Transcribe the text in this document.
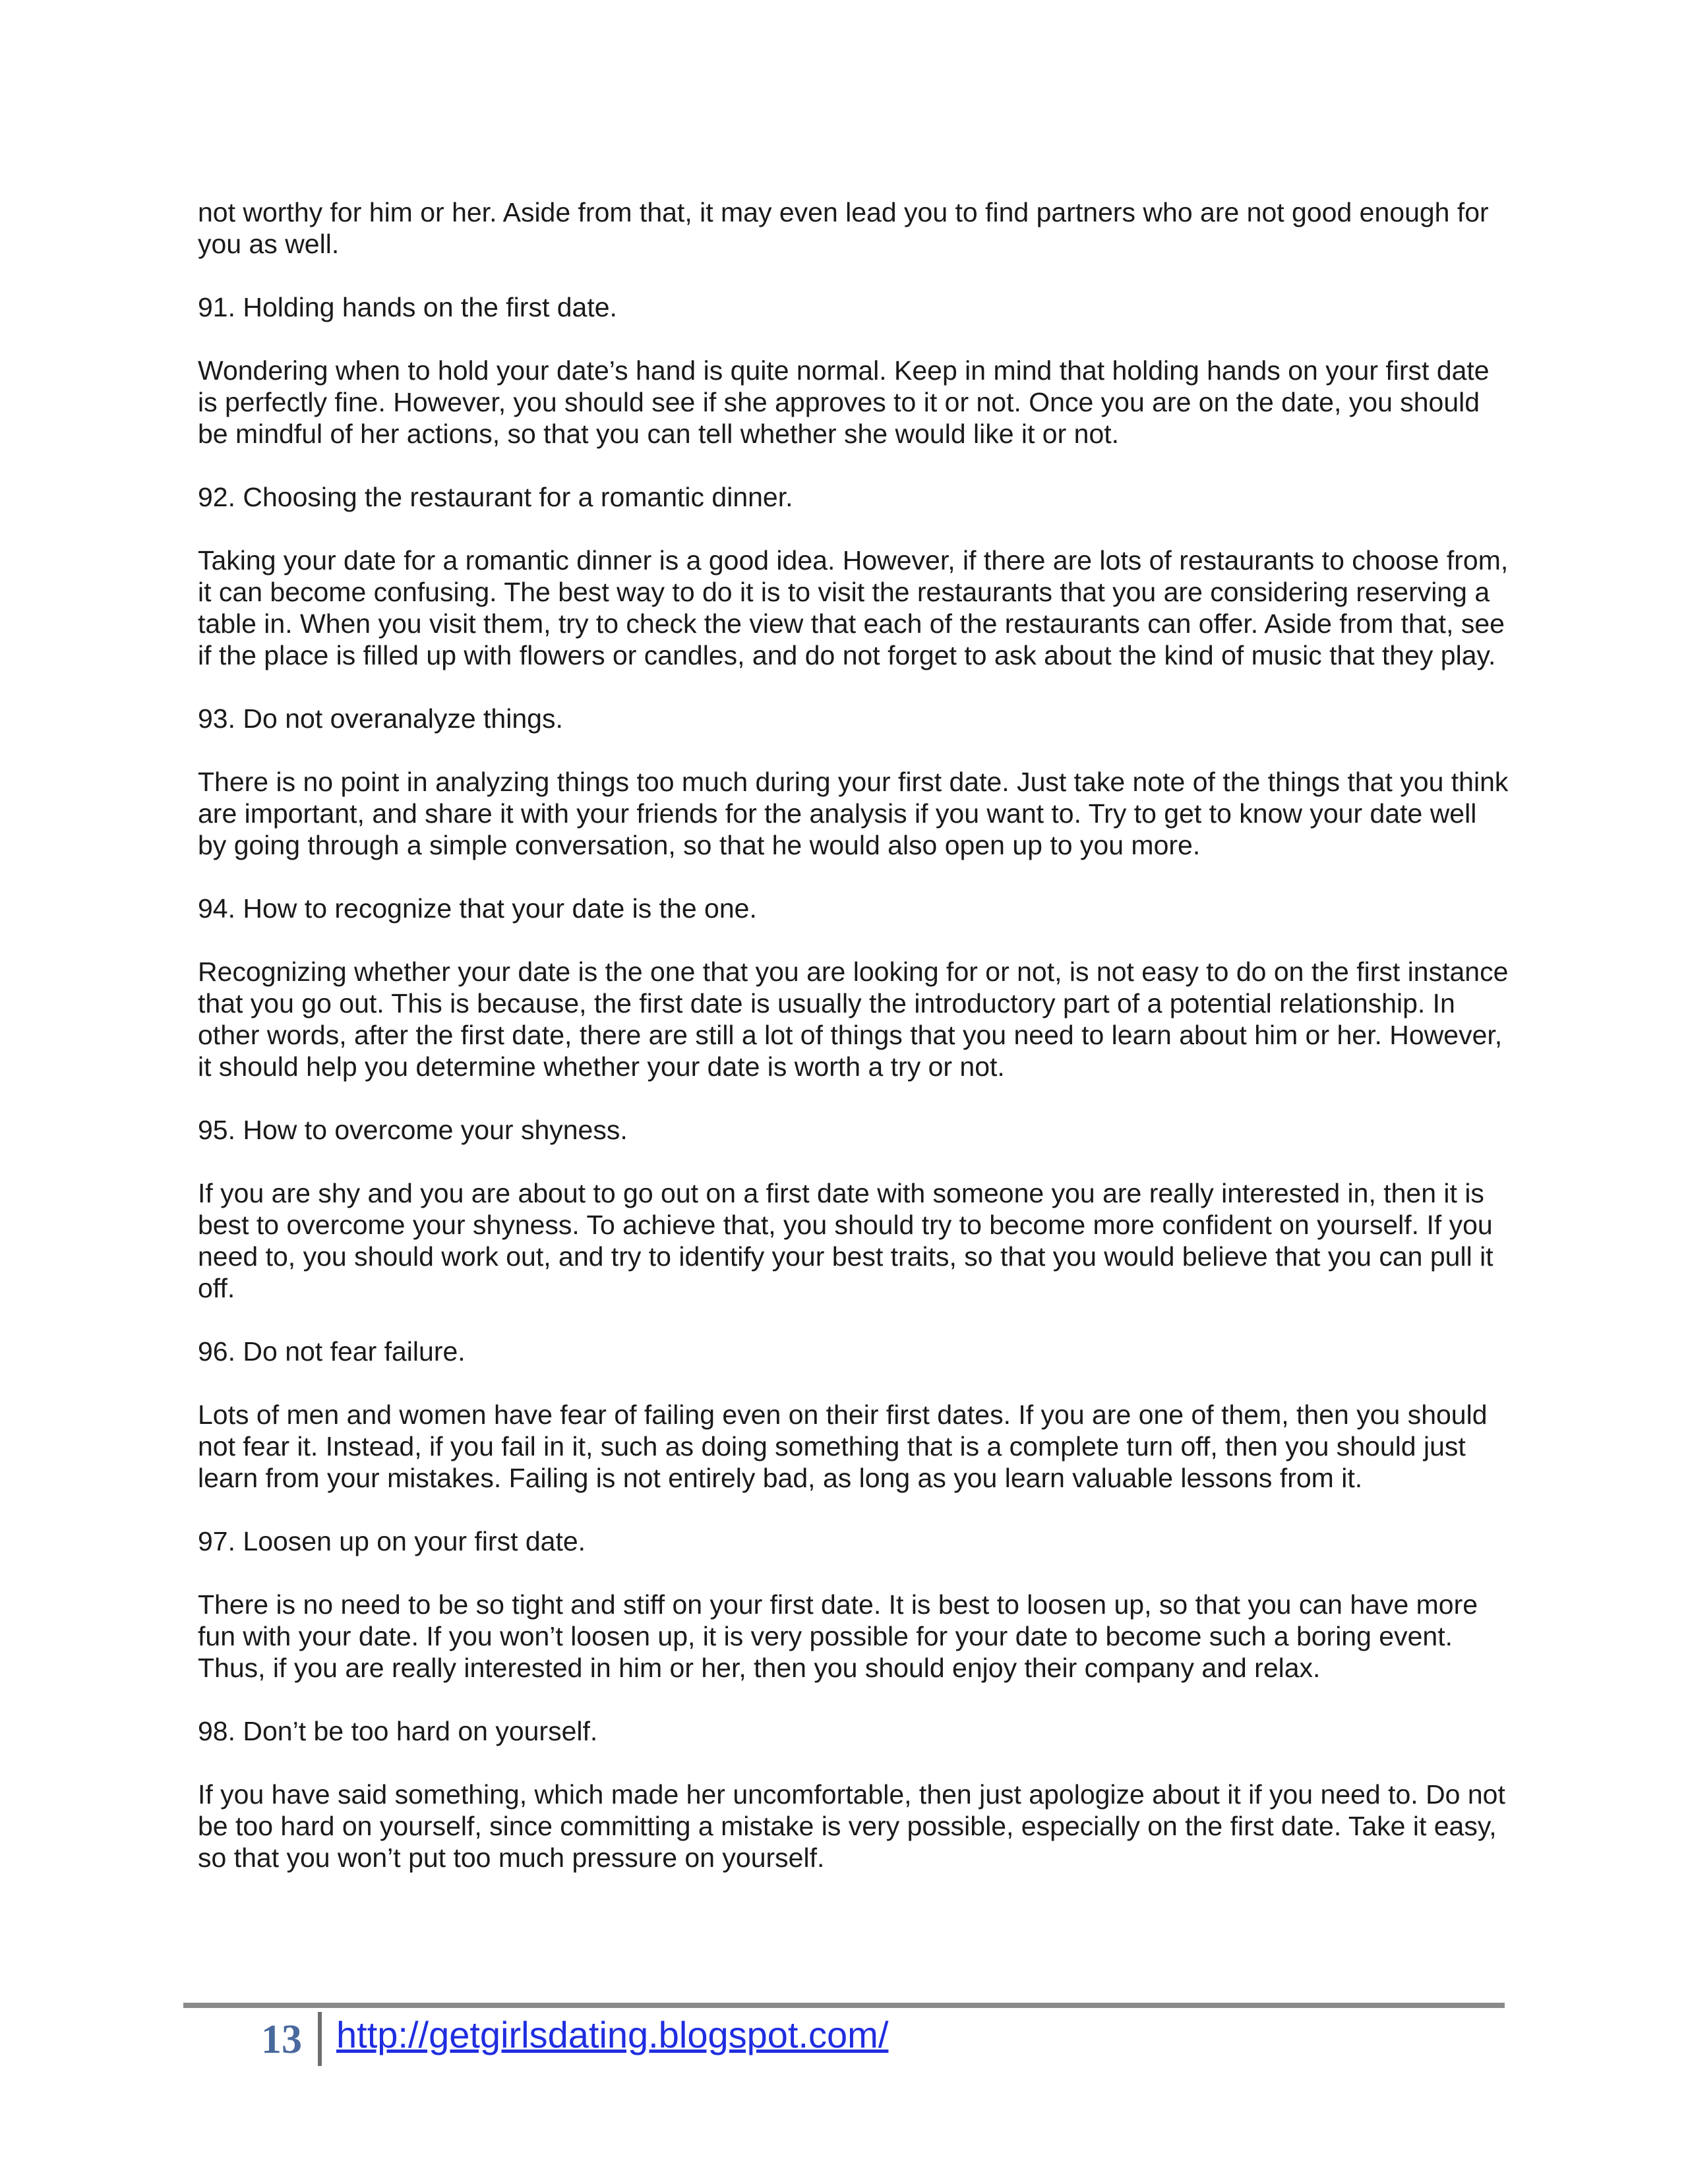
not worthy for him or her. Aside from that, it may even lead you to find partners who are not good enough for you as well.

91. Holding hands on the first date.

Wondering when to hold your date’s hand is quite normal. Keep in mind that holding hands on your first date is perfectly fine. However, you should see if she approves to it or not. Once you are on the date, you should be mindful of her actions, so that you can tell whether she would like it or not.

92. Choosing the restaurant for a romantic dinner.

Taking your date for a romantic dinner is a good idea. However, if there are lots of restaurants to choose from, it can become confusing. The best way to do it is to visit the restaurants that you are considering reserving a table in. When you visit them, try to check the view that each of the restaurants can offer. Aside from that, see if the place is filled up with flowers or candles, and do not forget to ask about the kind of music that they play.

93. Do not overanalyze things.

There is no point in analyzing things too much during your first date. Just take note of the things that you think are important, and share it with your friends for the analysis if you want to. Try to get to know your date well by going through a simple conversation, so that he would also open up to you more.

94. How to recognize that your date is the one.

Recognizing whether your date is the one that you are looking for or not, is not easy to do on the first instance that you go out. This is because, the first date is usually the introductory part of a potential relationship. In other words, after the first date, there are still a lot of things that you need to learn about him or her. However, it should help you determine whether your date is worth a try or not.

95. How to overcome your shyness.

If you are shy and you are about to go out on a first date with someone you are really interested in, then it is best to overcome your shyness. To achieve that, you should try to become more confident on yourself. If you need to, you should work out, and try to identify your best traits, so that you would believe that you can pull it off.

96. Do not fear failure.

Lots of men and women have fear of failing even on their first dates. If you are one of them, then you should not fear it. Instead, if you fail in it, such as doing something that is a complete turn off, then you should just learn from your mistakes. Failing is not entirely bad, as long as you learn valuable lessons from it.

97. Loosen up on your first date.

There is no need to be so tight and stiff on your first date. It is best to loosen up, so that you can have more fun with your date. If you won’t loosen up, it is very possible for your date to become such a boring event. Thus, if you are really interested in him or her, then you should enjoy their company and relax.

98. Don’t be too hard on yourself.

If you have said something, which made her uncomfortable, then just apologize about it if you need to. Do not be too hard on yourself, since committing a mistake is very possible, especially on the first date. Take it easy, so that you won’t put too much pressure on yourself.

13 http://getgirlsdating.blogspot.com/
